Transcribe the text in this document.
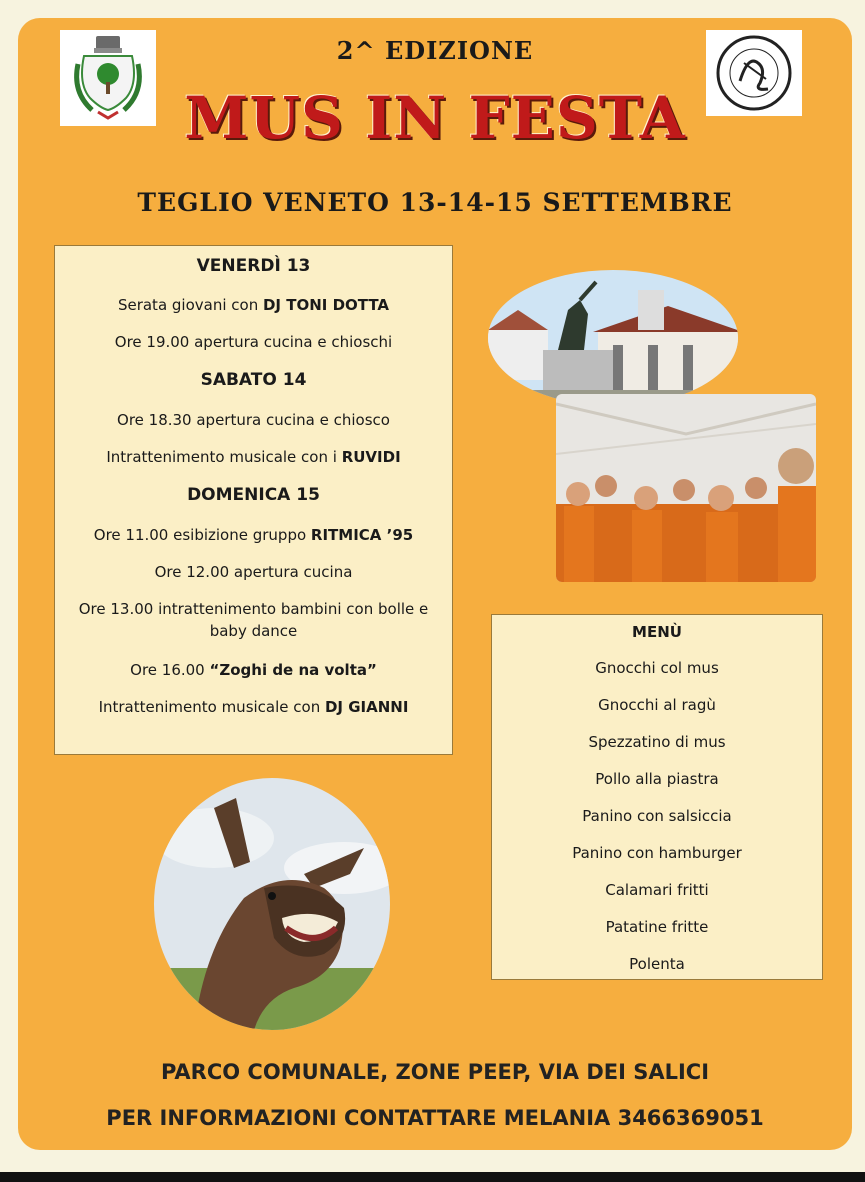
2^ EDIZIONE
MUS IN FESTA
TEGLIO VENETO 13-14-15 SETTEMBRE
VENERDÌ 13
Serata giovani con DJ TONI DOTTA
Ore 19.00 apertura cucina e chioschi
SABATO 14
Ore 18.30 apertura cucina e chiosco
Intrattenimento musicale con i RUVIDI
DOMENICA 15
Ore 11.00 esibizione gruppo RITMICA ’95
Ore 12.00 apertura cucina
Ore 13.00 intrattenimento bambini con bolle e baby dance
Ore 16.00 “Zoghi de na volta”
Intrattenimento musicale con DJ GIANNI
MENÙ
Gnocchi col mus
Gnocchi al ragù
Spezzatino di mus
Pollo alla piastra
Panino con salsiccia
Panino con hamburger
Calamari fritti
Patatine fritte
Polenta
PARCO COMUNALE, ZONE PEEP, VIA DEI SALICI
PER INFORMAZIONI CONTATTARE MELANIA 3466369051
